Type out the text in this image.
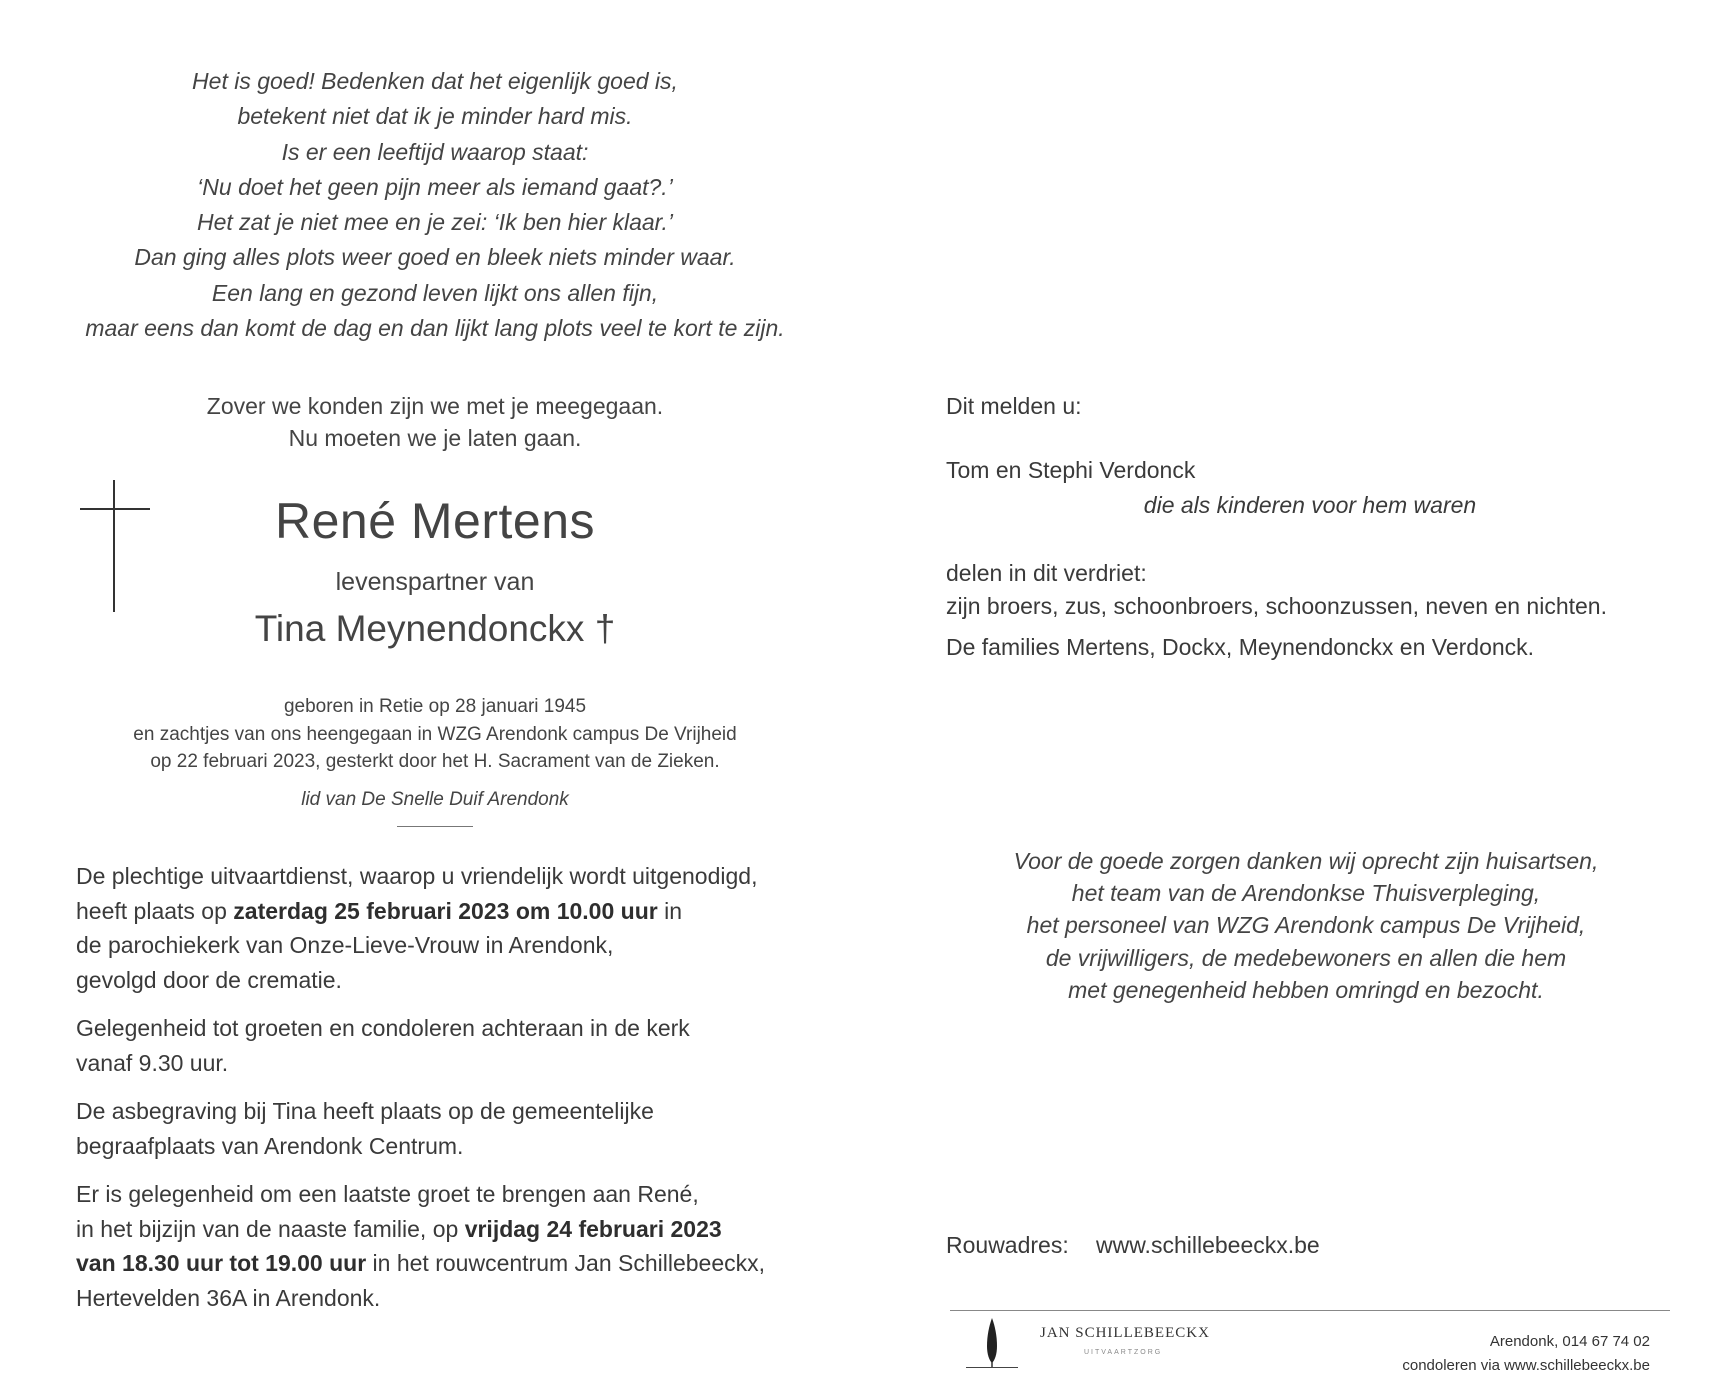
Het is goed! Bedenken dat het eigenlijk goed is,
betekent niet dat ik je minder hard mis.
Is er een leeftijd waarop staat:
‘Nu doet het geen pijn meer als iemand gaat?.’
Het zat je niet mee en je zei: ‘Ik ben hier klaar.’
Dan ging alles plots weer goed en bleek niets minder waar.
Een lang en gezond leven lijkt ons allen fijn,
maar eens dan komt de dag en dan lijkt lang plots veel te kort te zijn.
Zover we konden zijn we met je meegegaan.
Nu moeten we je laten gaan.
René Mertens
levenspartner van
Tina Meynendonckx †
geboren in Retie op 28 januari 1945
en zachtjes van ons heengegaan in WZG Arendonk campus De Vrijheid
op 22 februari 2023, gesterkt door het H. Sacrament van de Zieken.
lid van De Snelle Duif Arendonk

De plechtige uitvaartdienst, waarop u vriendelijk wordt uitgenodigd,
heeft plaats op zaterdag 25 februari 2023 om 10.00 uur in
de parochiekerk van Onze-Lieve-Vrouw in Arendonk,
gevolgd door de crematie.

Gelegenheid tot groeten en condoleren achteraan in de kerk
vanaf 9.30 uur.

De asbegraving bij Tina heeft plaats op de gemeentelijke
begraafplaats van Arendonk Centrum.

Er is gelegenheid om een laatste groet te brengen aan René,
in het bijzijn van de naaste familie, op vrijdag 24 februari 2023
van 18.30 uur tot 19.00 uur in het rouwcentrum Jan Schillebeeckx,
Hertevelden 36A in Arendonk.

Dit melden u:
Tom en Stephi Verdonck
die als kinderen voor hem waren
delen in dit verdriet:
zijn broers, zus, schoonbroers, schoonzussen, neven en nichten.
De families Mertens, Dockx, Meynendonckx en Verdonck.
Voor de goede zorgen danken wij oprecht zijn huisartsen,
het team van de Arendonkse Thuisverpleging,
het personeel van WZG Arendonk campus De Vrijheid,
de vrijwilligers, de medebewoners en allen die hem
met genegenheid hebben omringd en bezocht.
Rouwadres: www.schillebeeckx.be
JAN SCHILLEBEECKX
UITVAARTZORG
Arendonk, 014 67 74 02
condoleren via www.schillebeeckx.be
